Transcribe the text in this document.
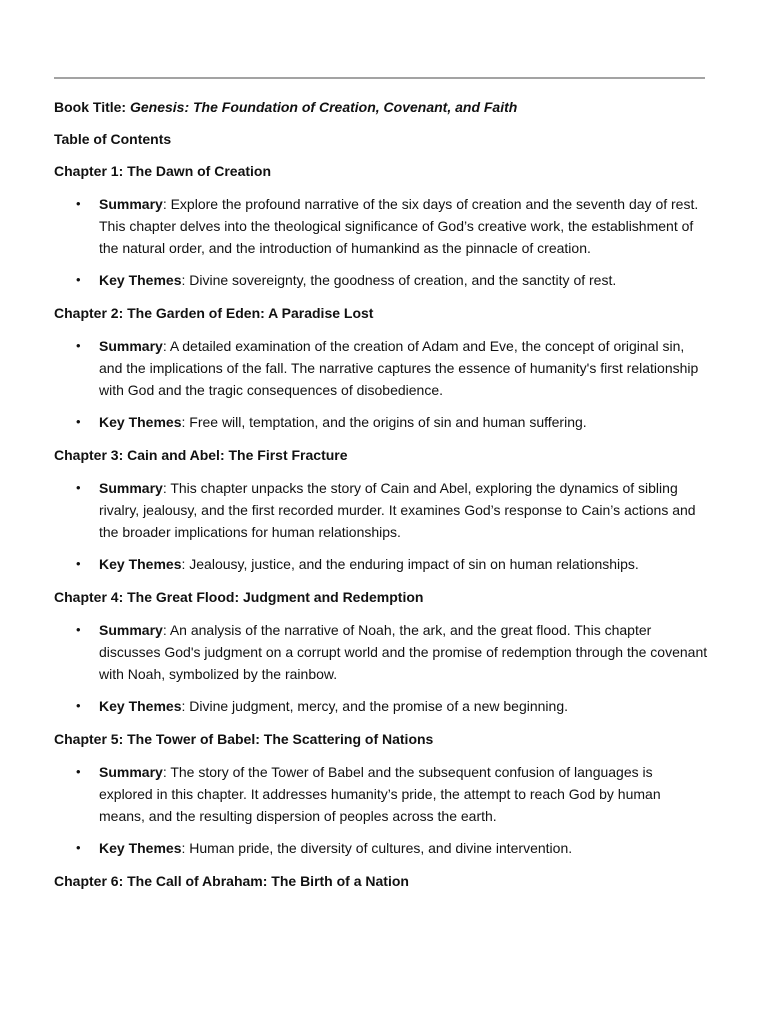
Book Title: Genesis: The Foundation of Creation, Covenant, and Faith

Table of Contents

Chapter 1: The Dawn of Creation

• Summary: Explore the profound narrative of the six days of creation and the seventh day of rest. This chapter delves into the theological significance of God’s creative work, the establishment of the natural order, and the introduction of humankind as the pinnacle of creation.
• Key Themes: Divine sovereignty, the goodness of creation, and the sanctity of rest.

Chapter 2: The Garden of Eden: A Paradise Lost

• Summary: A detailed examination of the creation of Adam and Eve, the concept of original sin, and the implications of the fall. The narrative captures the essence of humanity's first relationship with God and the tragic consequences of disobedience.
• Key Themes: Free will, temptation, and the origins of sin and human suffering.

Chapter 3: Cain and Abel: The First Fracture

• Summary: This chapter unpacks the story of Cain and Abel, exploring the dynamics of sibling rivalry, jealousy, and the first recorded murder. It examines God’s response to Cain’s actions and the broader implications for human relationships.
• Key Themes: Jealousy, justice, and the enduring impact of sin on human relationships.

Chapter 4: The Great Flood: Judgment and Redemption

• Summary: An analysis of the narrative of Noah, the ark, and the great flood. This chapter discusses God's judgment on a corrupt world and the promise of redemption through the covenant with Noah, symbolized by the rainbow.
• Key Themes: Divine judgment, mercy, and the promise of a new beginning.

Chapter 5: The Tower of Babel: The Scattering of Nations

• Summary: The story of the Tower of Babel and the subsequent confusion of languages is explored in this chapter. It addresses humanity’s pride, the attempt to reach God by human means, and the resulting dispersion of peoples across the earth.
• Key Themes: Human pride, the diversity of cultures, and divine intervention.

Chapter 6: The Call of Abraham: The Birth of a Nation
